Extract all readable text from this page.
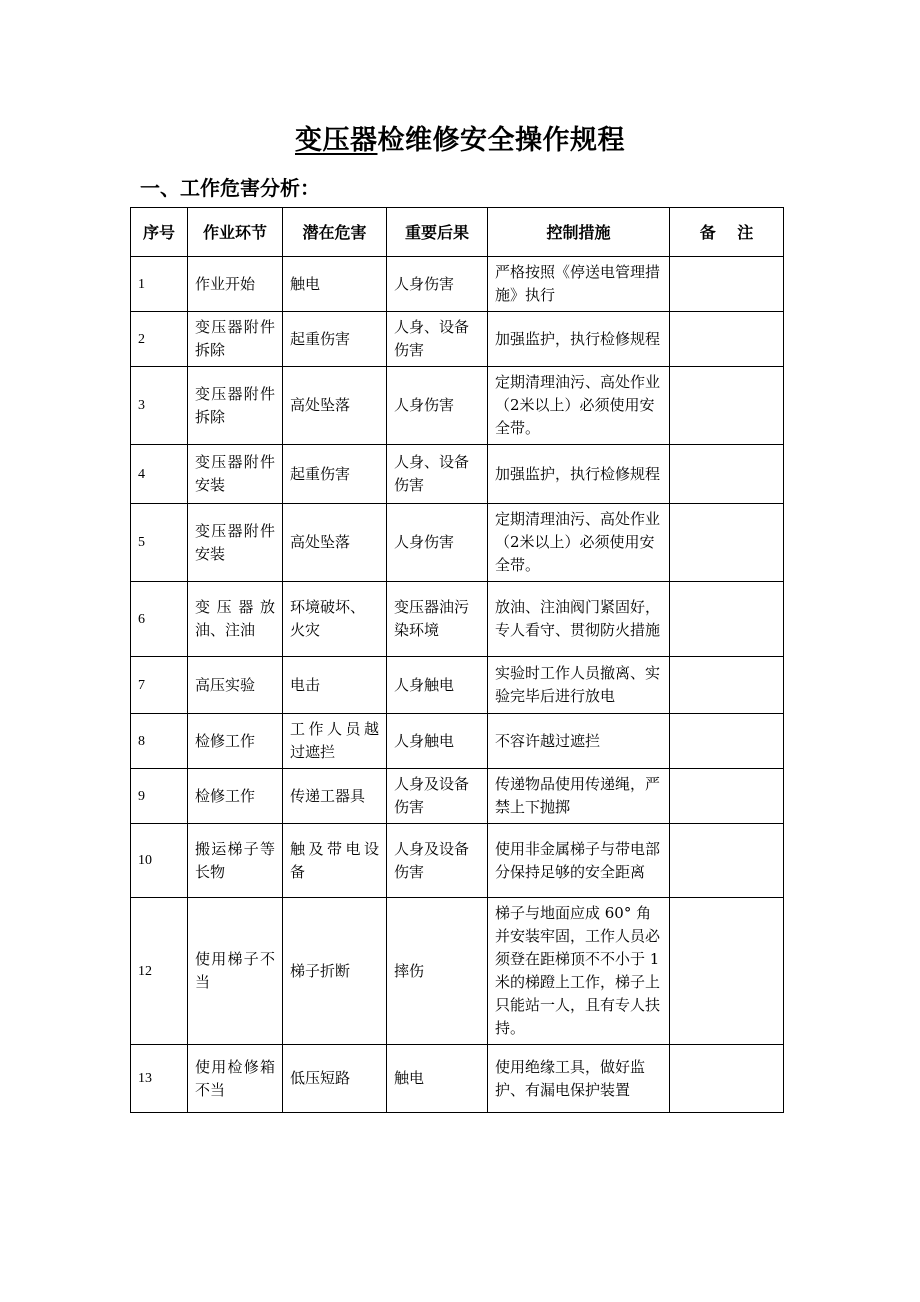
变压器检维修安全操作规程
一、工作危害分析：
序号	作业环节	潜在危害	重要后果	控制措施	备　 注
1	作业开始	触电	人身伤害	严格按照《停送电管理措施》执行	
2	变压器附件拆除	起重伤害	人身、设备伤害	加强监护，执行检修规程	
3	变压器附件拆除	高处坠落	人身伤害	定期清理油污、高处作业（2米以上）必须使用安全带。	
4	变压器附件安装	起重伤害	人身、设备伤害	加强监护，执行检修规程	
5	变压器附件安装	高处坠落	人身伤害	定期清理油污、高处作业（2米以上）必须使用安全带。	
6	变压器放油、注油	环境破坏、火灾	变压器油污染环境	放油、注油阀门紧固好，专人看守、贯彻防火措施	
7	高压实验	电击	人身触电	实验时工作人员撤离、实验完毕后进行放电	
8	检修工作	工作人员越过遮拦	人身触电	不容许越过遮拦	
9	检修工作	传递工器具	人身及设备伤害	传递物品使用传递绳，严禁上下抛掷	
10	搬运梯子等长物	触及带电设备	人身及设备伤害	使用非金属梯子与带电部分保持足够的安全距离	
12	使用梯子不当	梯子折断	摔伤	梯子与地面应成 60° 角并安装牢固，工作人员必须登在距梯顶不不小于 1 米的梯蹬上工作，梯子上只能站一人，且有专人扶持。	
13	使用检修箱不当	低压短路	触电	使用绝缘工具，做好监护、有漏电保护装置	
